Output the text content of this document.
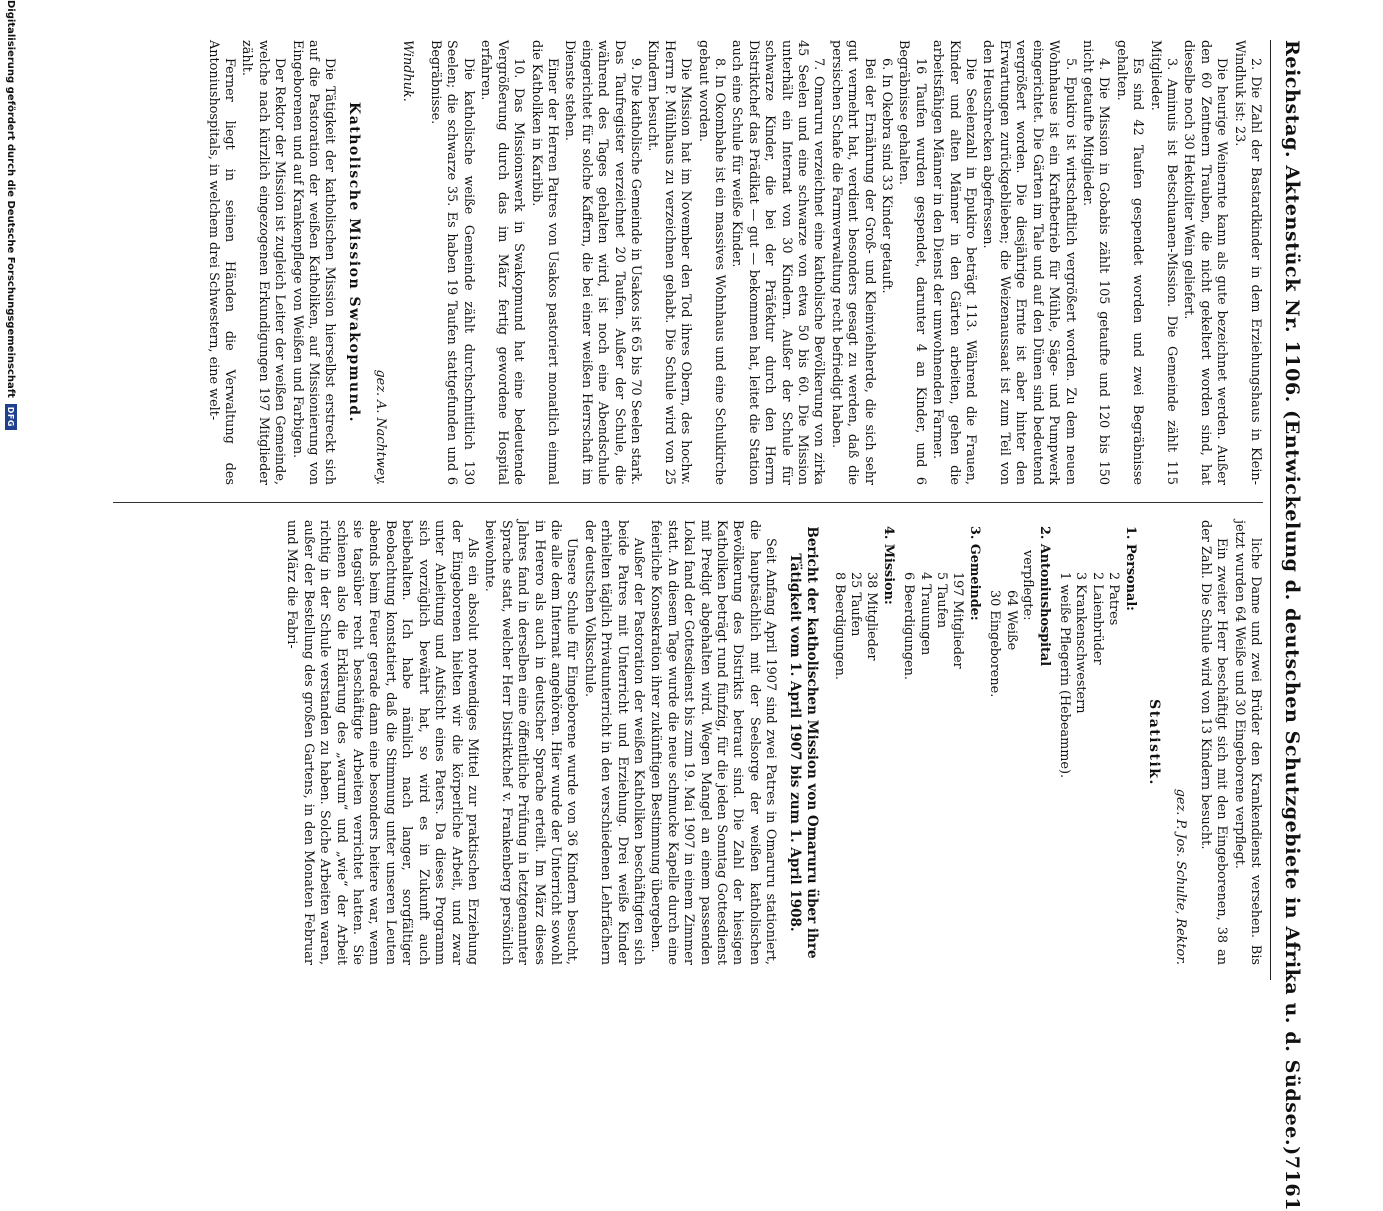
Reichstag. Aktenstück Nr. 1106. (Entwickelung d. deutschen Schutzgebiete in Afrika u. d. Südsee.)
7161

2. Die Zahl der Bastardkinder in dem Erziehungshaus in Klein-Windhuk ist: 23.

Die heurige Weinernte kann als gute bezeichnet werden. Außer den 60 Zentnern Trauben, die nicht gekeltert worden sind, hat dieselbe noch 30 Hektoliter Wein geliefert.

3. Aminuis ist Betschuanen-Mission. Die Gemeinde zählt 115 Mitglieder.

Es sind 42 Taufen gespendet worden und zwei Begräbnisse gehalten.

4. Die Mission in Gobabis zählt 105 getaufte und 120 bis 150 nicht getaufte Mitglieder.

5. Epukiro ist wirtschaftlich vergrößert worden. Zu dem neuen Wohnhause ist ein Kraftbetrieb für Mühle, Säge- und Pumpwerk eingerichtet. Die Gärten im Tale und auf den Dünen sind bedeutend vergrößert worden. Die diesjährige Ernte ist aber hinter den Erwartungen zurückgeblieben; die Weizenaussaat ist zum Teil von den Heuschrecken abgefressen.

Die Seelenzahl in Epukiro beträgt 113. Während die Frauen, Kinder und alten Männer in den Gärten arbeiten, gehen die arbeitsfähigen Männer in den Dienst der umwohnenden Farmer.

16 Taufen wurden gespendet, darunter 4 an Kinder, und 6 Begräbnisse gehalten.

6. In Okebra sind 33 Kinder getauft.

Bei der Ernährung der Groß- und Kleinviehherde, die sich sehr gut vermehrt hat, verdient besonders gesagt zu werden, daß die persischen Schafe die Farmverwaltung recht befriedigt haben.

7. Omaruru verzeichnet eine katholische Bevölkerung von zirka 45 Seelen und eine schwarze von etwa 50 bis 60. Die Mission unterhält ein Internat von 30 Kindern. Außer der Schule für schwarze Kinder, die bei der Präfektur durch den Herrn Distriktchef das Prädikat — gut — bekommen hat, leitet die Station auch eine Schule für weiße Kinder.

8. In Okombahe ist ein massives Wohnhaus und eine Schulkirche gebaut worden.

Die Mission hat im November den Tod ihres Obern, des hochw. Herrn P. Mühlhaus zu verzeichnen gehabt. Die Schule wird von 25 Kindern besucht.

9. Die katholische Gemeinde in Usakos ist 65 bis 70 Seelen stark. Das Taufregister verzeichnet 20 Taufen. Außer der Schule, die während des Tages gehalten wird, ist noch eine Abendschule eingerichtet für solche Kaffern, die bei einer weißen Herrschaft im Dienste stehen.

Einer der Herren Patres von Usakos pastoriert monatlich einmal die Katholiken in Karibib.

10. Das Missionswerk in Swakopmund hat eine bedeutende Vergrößerung durch das im März fertig gewordene Hospital erfahren.

Die katholische weiße Gemeinde zählt durchschnittlich 130 Seelen; die schwarze 35. Es haben 19 Taufen stattgefunden und 6 Begräbnisse.

Windhuk.
gez. A. Nachtwey.
Katholische Mission Swakopmund.

Die Tätigkeit der katholischen Mission hierselbst erstreckt sich auf die Pastoration der weißen Katholiken, auf Missionierung von Eingeborenen und auf Krankenpflege von Weißen und Farbigen.

Der Rektor der Mission ist zugleich Leiter der weißen Gemeinde, welche nach kürzlich eingezogenen Erkundigungen 197 Mitglieder zählt.

Ferner liegt in seinen Händen die Verwaltung des Antoniushospitals, in welchem drei Schwestern, eine welt-

liche Dame und zwei Brüder den Krankendienst versehen. Bis jetzt wurden 64 Weiße und 30 Eingeborene verpflegt.

Ein zweiter Herr beschäftigt sich mit den Eingeborenen, 38 an der Zahl. Die Schule wird von 13 Kindern besucht.

gez. P. Jos. Schulte, Rektor.
Statistik.
1. Personal:
2 Patres
2 Laienbrüder
3 Krankenschwestern
1 weiße Pflegerin (Hebeamme).
2. Antoniushospital
verpflegte:
64 Weiße
30 Eingeborene.
3. Gemeinde:
197 Mitglieder
5 Taufen
4 Trauungen
6 Beerdigungen.
4. Mission:
38 Mitglieder
25 Taufen
8 Beerdigungen.
Bericht der katholischen Mission von Omaruru über ihre Tätigkeit vom 1. April 1907 bis zum 1. April 1908.

Seit Anfang April 1907 sind zwei Patres in Omaruru stationiert, die hauptsächlich mit der Seelsorge der weißen katholischen Bevölkerung des Distrikts betraut sind. Die Zahl der hiesigen Katholiken beträgt rund fünfzig, für die jeden Sonntag Gottesdienst mit Predigt abgehalten wird. Wegen Mangel an einem passenden Lokal fand der Gottesdienst bis zum 19. Mai 1907 in einem Zimmer statt. An diesem Tage wurde die neue schmucke Kapelle durch eine feierliche Konsekration ihrer zukünftigen Bestimmung übergeben.

Außer der Pastoration der weißen Katholiken beschäftigten sich beide Patres mit Unterricht und Erziehung. Drei weiße Kinder erhielten täglich Privatunterricht in den verschiedenen Lehrfächern der deutschen Volksschule.

Unsere Schule für Eingeborene wurde von 36 Kindern besucht, die alle dem Internat angehören. Hier wurde der Unterricht sowohl in Herero als auch in deutscher Sprache erteilt. Im März dieses Jahres fand in derselben eine öffentliche Prüfung in letztgenannter Sprache statt, welcher Herr Distriktchef v. Frankenberg persönlich beiwohnte.

Als ein absolut notwendiges Mittel zur praktischen Erziehung der Eingeborenen hielten wir die körperliche Arbeit, und zwar unter Anleitung und Aufsicht eines Paters. Da dieses Programm sich vorzüglich bewährt hat, so wird es in Zukunft auch beibehalten. Ich habe nämlich nach langer, sorgfältiger Beobachtung konstatiert, daß die Stimmung unter unseren Leuten abends beim Feuer gerade dann eine besonders heitere war, wenn sie tagsüber recht beschäftigte Arbeiten verrichtet hatten. Sie schienen also die Erklärung des „warum“ und „wie“ der Arbeit richtig in der Schule verstanden zu haben. Solche Arbeiten waren, außer der Bestellung des großen Gartens, in den Monaten Februar und März die Fabri-

Digitalisierung gefördert durch die Deutsche Forschungsgemeinschaft
DFG
